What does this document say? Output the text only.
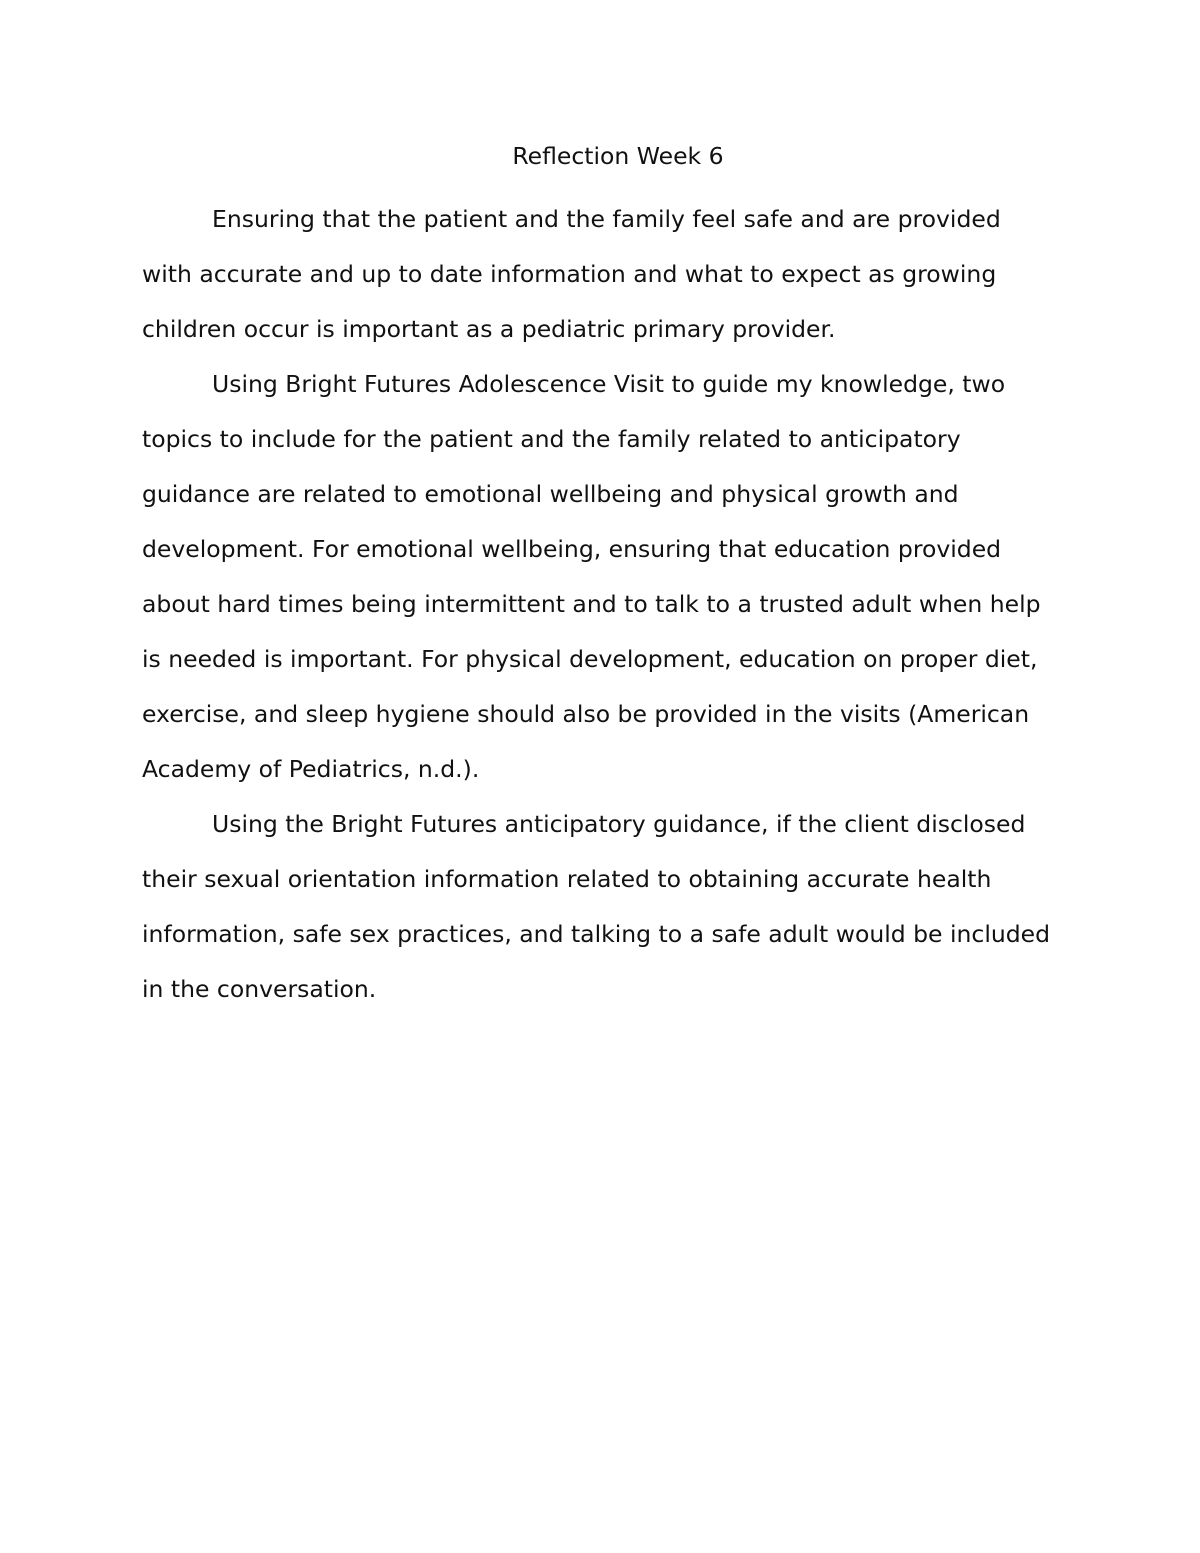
Reflection Week 6

Ensuring that the patient and the family feel safe and are provided
with accurate and up to date information and what to expect as growing
children occur is important as a pediatric primary provider.

Using Bright Futures Adolescence Visit to guide my knowledge, two
topics to include for the patient and the family related to anticipatory
guidance are related to emotional wellbeing and physical growth and
development. For emotional wellbeing, ensuring that education provided
about hard times being intermittent and to talk to a trusted adult when help
is needed is important. For physical development, education on proper diet,
exercise, and sleep hygiene should also be provided in the visits (American
Academy of Pediatrics, n.d.).

Using the Bright Futures anticipatory guidance, if the client disclosed
their sexual orientation information related to obtaining accurate health
information, safe sex practices, and talking to a safe adult would be included
in the conversation.
